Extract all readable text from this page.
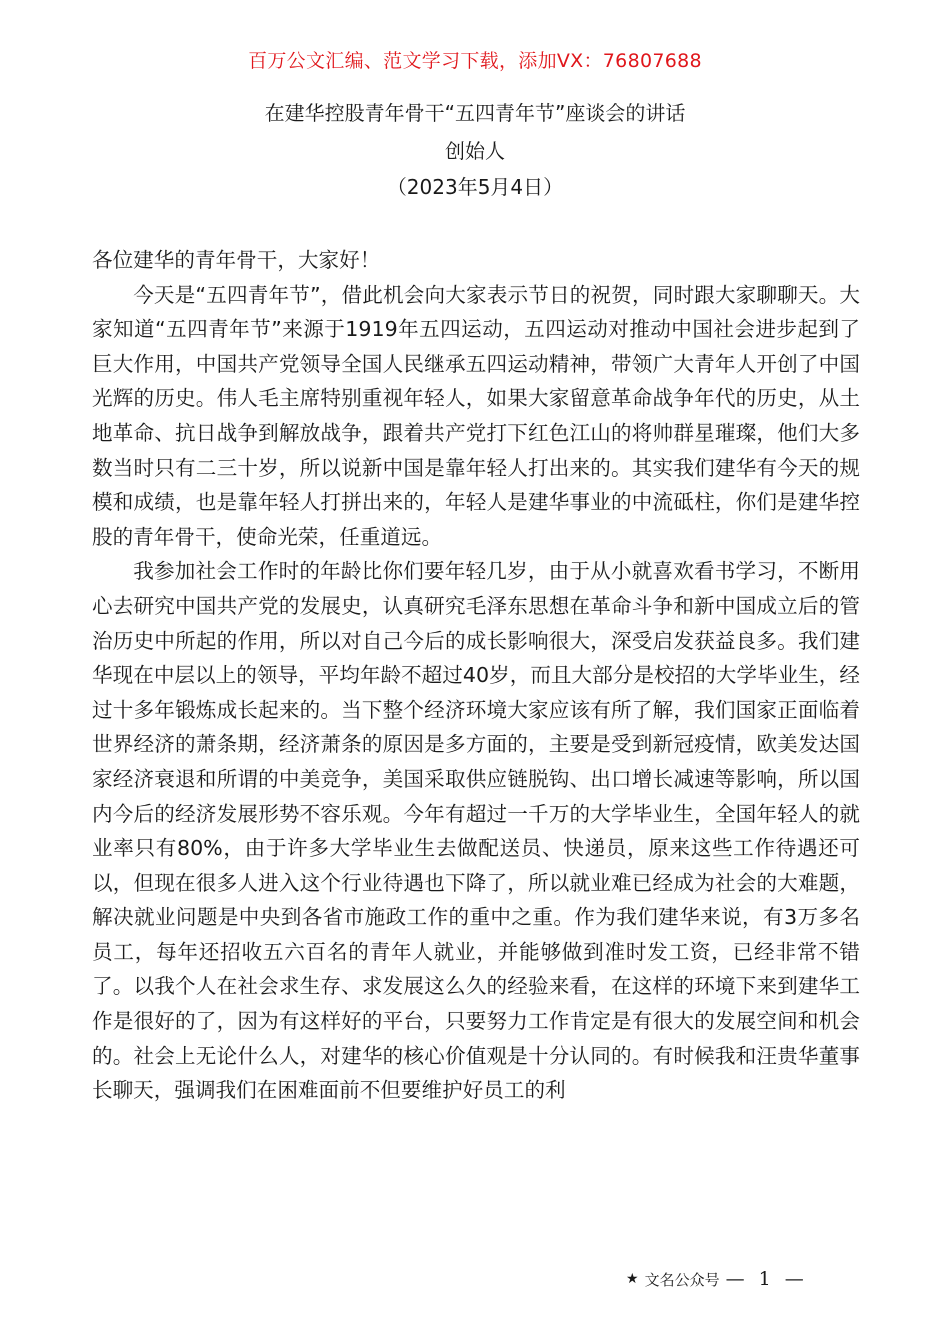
百万公文汇编、范文学习下载，添加VX：76807688
在建华控股青年骨干“五四青年节”座谈会的讲话
创始人
（2023年5月4日）

各位建华的青年骨干，大家好！

今天是“五四青年节”，借此机会向大家表示节日的祝贺，同时跟大家聊聊天。大家知道“五四青年节”来源于1919年五四运动，五四运动对推动中国社会进步起到了巨大作用，中国共产党领导全国人民继承五四运动精神，带领广大青年人开创了中国光辉的历史。伟人毛主席特别重视年轻人，如果大家留意革命战争年代的历史，从土地革命、抗日战争到解放战争，跟着共产党打下红色江山的将帅群星璀璨，他们大多数当时只有二三十岁，所以说新中国是靠年轻人打出来的。其实我们建华有今天的规模和成绩，也是靠年轻人打拼出来的，年轻人是建华事业的中流砥柱，你们是建华控股的青年骨干，使命光荣，任重道远。

我参加社会工作时的年龄比你们要年轻几岁，由于从小就喜欢看书学习，不断用心去研究中国共产党的发展史，认真研究毛泽东思想在革命斗争和新中国成立后的管治历史中所起的作用，所以对自己今后的成长影响很大，深受启发获益良多。我们建华现在中层以上的领导，平均年龄不超过40岁，而且大部分是校招的大学毕业生，经过十多年锻炼成长起来的。当下整个经济环境大家应该有所了解，我们国家正面临着世界经济的萧条期，经济萧条的原因是多方面的，主要是受到新冠疫情，欧美发达国家经济衰退和所谓的中美竞争，美国采取供应链脱钩、出口增长减速等影响，所以国内今后的经济发展形势不容乐观。今年有超过一千万的大学毕业生，全国年轻人的就业率只有80%，由于许多大学毕业生去做配送员、快递员，原来这些工作待遇还可以，但现在很多人进入这个行业待遇也下降了，所以就业难已经成为社会的大难题，解决就业问题是中央到各省市施政工作的重中之重。作为我们建华来说，有3万多名员工，每年还招收五六百名的青年人就业，并能够做到准时发工资，已经非常不错了。以我个人在社会求生存、求发展这么久的经验来看，在这样的环境下来到建华工作是很好的了，因为有这样好的平台，只要努力工作肯定是有很大的发展空间和机会的。社会上无论什么人，对建华的核心价值观是十分认同的。有时候我和汪贵华董事长聊天，强调我们在困难面前不但要维护好员工的利

★ 文名公众号 — 1 —
